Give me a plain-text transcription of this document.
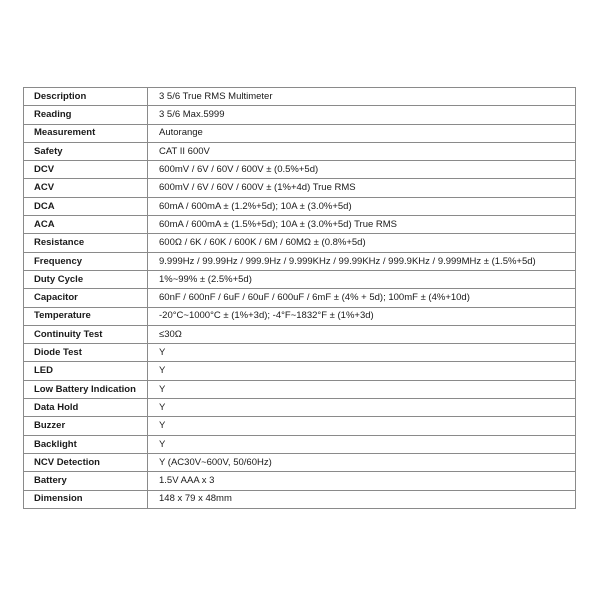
Description	3 5/6 True RMS Multimeter
Reading	3 5/6 Max.5999
Measurement	Autorange
Safety	CAT II 600V
DCV	600mV / 6V / 60V / 600V ± (0.5%+5d)
ACV	600mV / 6V / 60V / 600V ± (1%+4d) True RMS
DCA	60mA / 600mA ± (1.2%+5d); 10A ± (3.0%+5d)
ACA	60mA / 600mA ± (1.5%+5d); 10A ± (3.0%+5d) True RMS
Resistance	600Ω / 6K / 60K / 600K / 6M / 60MΩ ± (0.8%+5d)
Frequency	9.999Hz / 99.99Hz / 999.9Hz / 9.999KHz / 99.99KHz / 999.9KHz / 9.999MHz ± (1.5%+5d)
Duty Cycle	1%~99% ± (2.5%+5d)
Capacitor	60nF / 600nF / 6uF / 60uF / 600uF / 6mF ± (4% + 5d); 100mF ± (4%+10d)
Temperature	-20°C~1000°C ± (1%+3d); -4°F~1832°F ± (1%+3d)
Continuity Test	≤30Ω
Diode Test	Y
LED	Y
Low Battery Indication	Y
Data Hold	Y
Buzzer	Y
Backlight	Y
NCV Detection	Y (AC30V~600V, 50/60Hz)
Battery	1.5V AAA x 3
Dimension	148 x 79 x 48mm
